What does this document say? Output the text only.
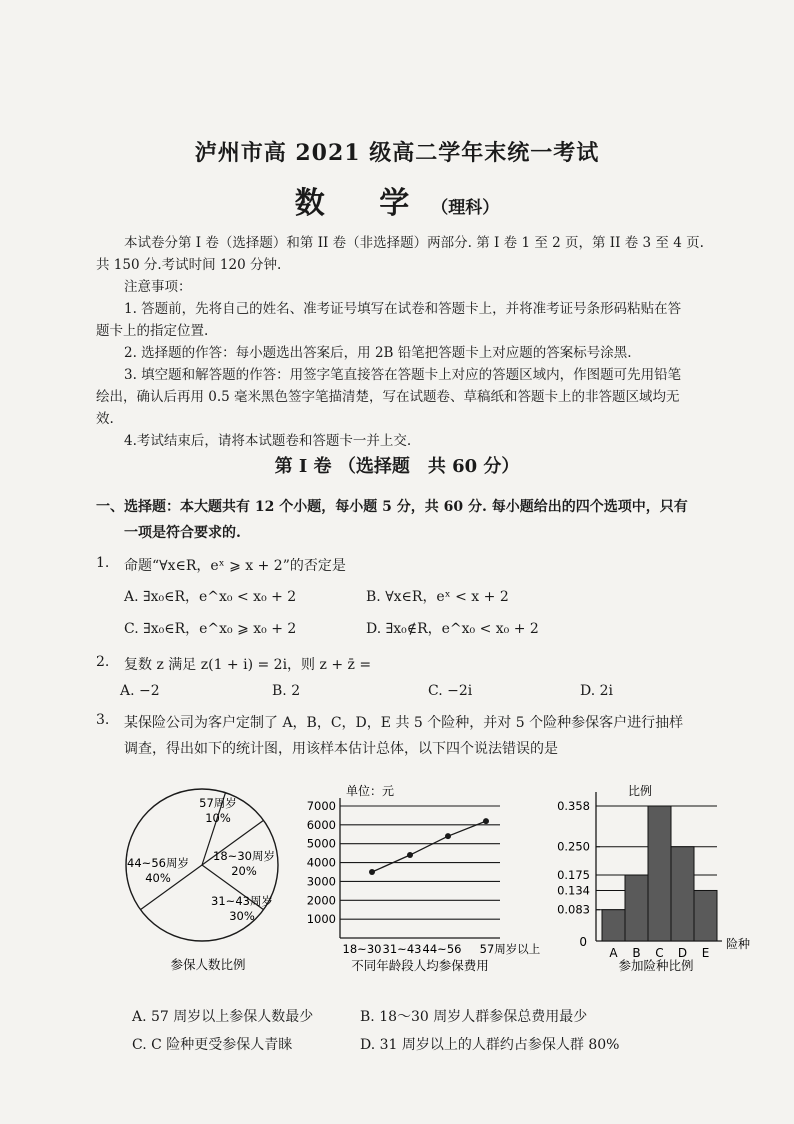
泸州市高 2021 级高二学年末统一考试
数 学（理科）
本试卷分第 I 卷（选择题）和第 II 卷（非选择题）两部分. 第 I 卷 1 至 2 页，第 II 卷 3 至 4 页.
共 150 分.考试时间 120 分钟.
注意事项：
1. 答题前，先将自己的姓名、准考证号填写在试卷和答题卡上，并将准考证号条形码粘贴在答
题卡上的指定位置.
2. 选择题的作答：每小题选出答案后，用 2B 铅笔把答题卡上对应题的答案标号涂黑.
3. 填空题和解答题的作答：用签字笔直接答在答题卡上对应的答题区域内，作图题可先用铅笔
绘出，确认后再用 0.5 毫米黑色签字笔描清楚，写在试题卷、草稿纸和答题卡上的非答题区域均无
效.
4.考试结束后，请将本试题卷和答题卡一并上交.
第 I 卷 （选择题　共 60 分）
一、选择题：本大题共有 12 个小题，每小题 5 分，共 60 分. 每小题给出的四个选项中，只有
一项是符合要求的.
1. 命题“∀x∈R，eˣ ⩾ x + 2”的否定是
A. ∃x₀∈R，e^x₀ < x₀ + 2	B. ∀x∈R，eˣ < x + 2
C. ∃x₀∈R，e^x₀ ⩾ x₀ + 2	D. ∃x₀∉R，e^x₀ < x₀ + 2
2. 复数 z 满足 z(1 + i) = 2i，则 z + z̄ =
A. −2	B. 2	C. −2i	D. 2i
3. 某保险公司为客户定制了 A，B，C，D，E 共 5 个险种，并对 5 个险种参保客户进行抽样
调查，得出如下的统计图，用该样本估计总体，以下四个说法错误的是
57周岁
10%
18~30周岁
20%
31~43周岁
30%
44~56周岁
40%
参保人数比例
单位：元
1000
2000
3000
4000
5000
6000
7000
18~30 31~43 44~56 57周岁以上
不同年龄段人均参保费用
比例
0.358
0.250
0.175
0.134
0.083
A B C D E
险种
0
参加险种比例
A. 57 周岁以上参保人数最少	B. 18～30 周岁人群参保总费用最少
C. C 险种更受参保人青睐	D. 31 周岁以上的人群约占参保人群 80%
